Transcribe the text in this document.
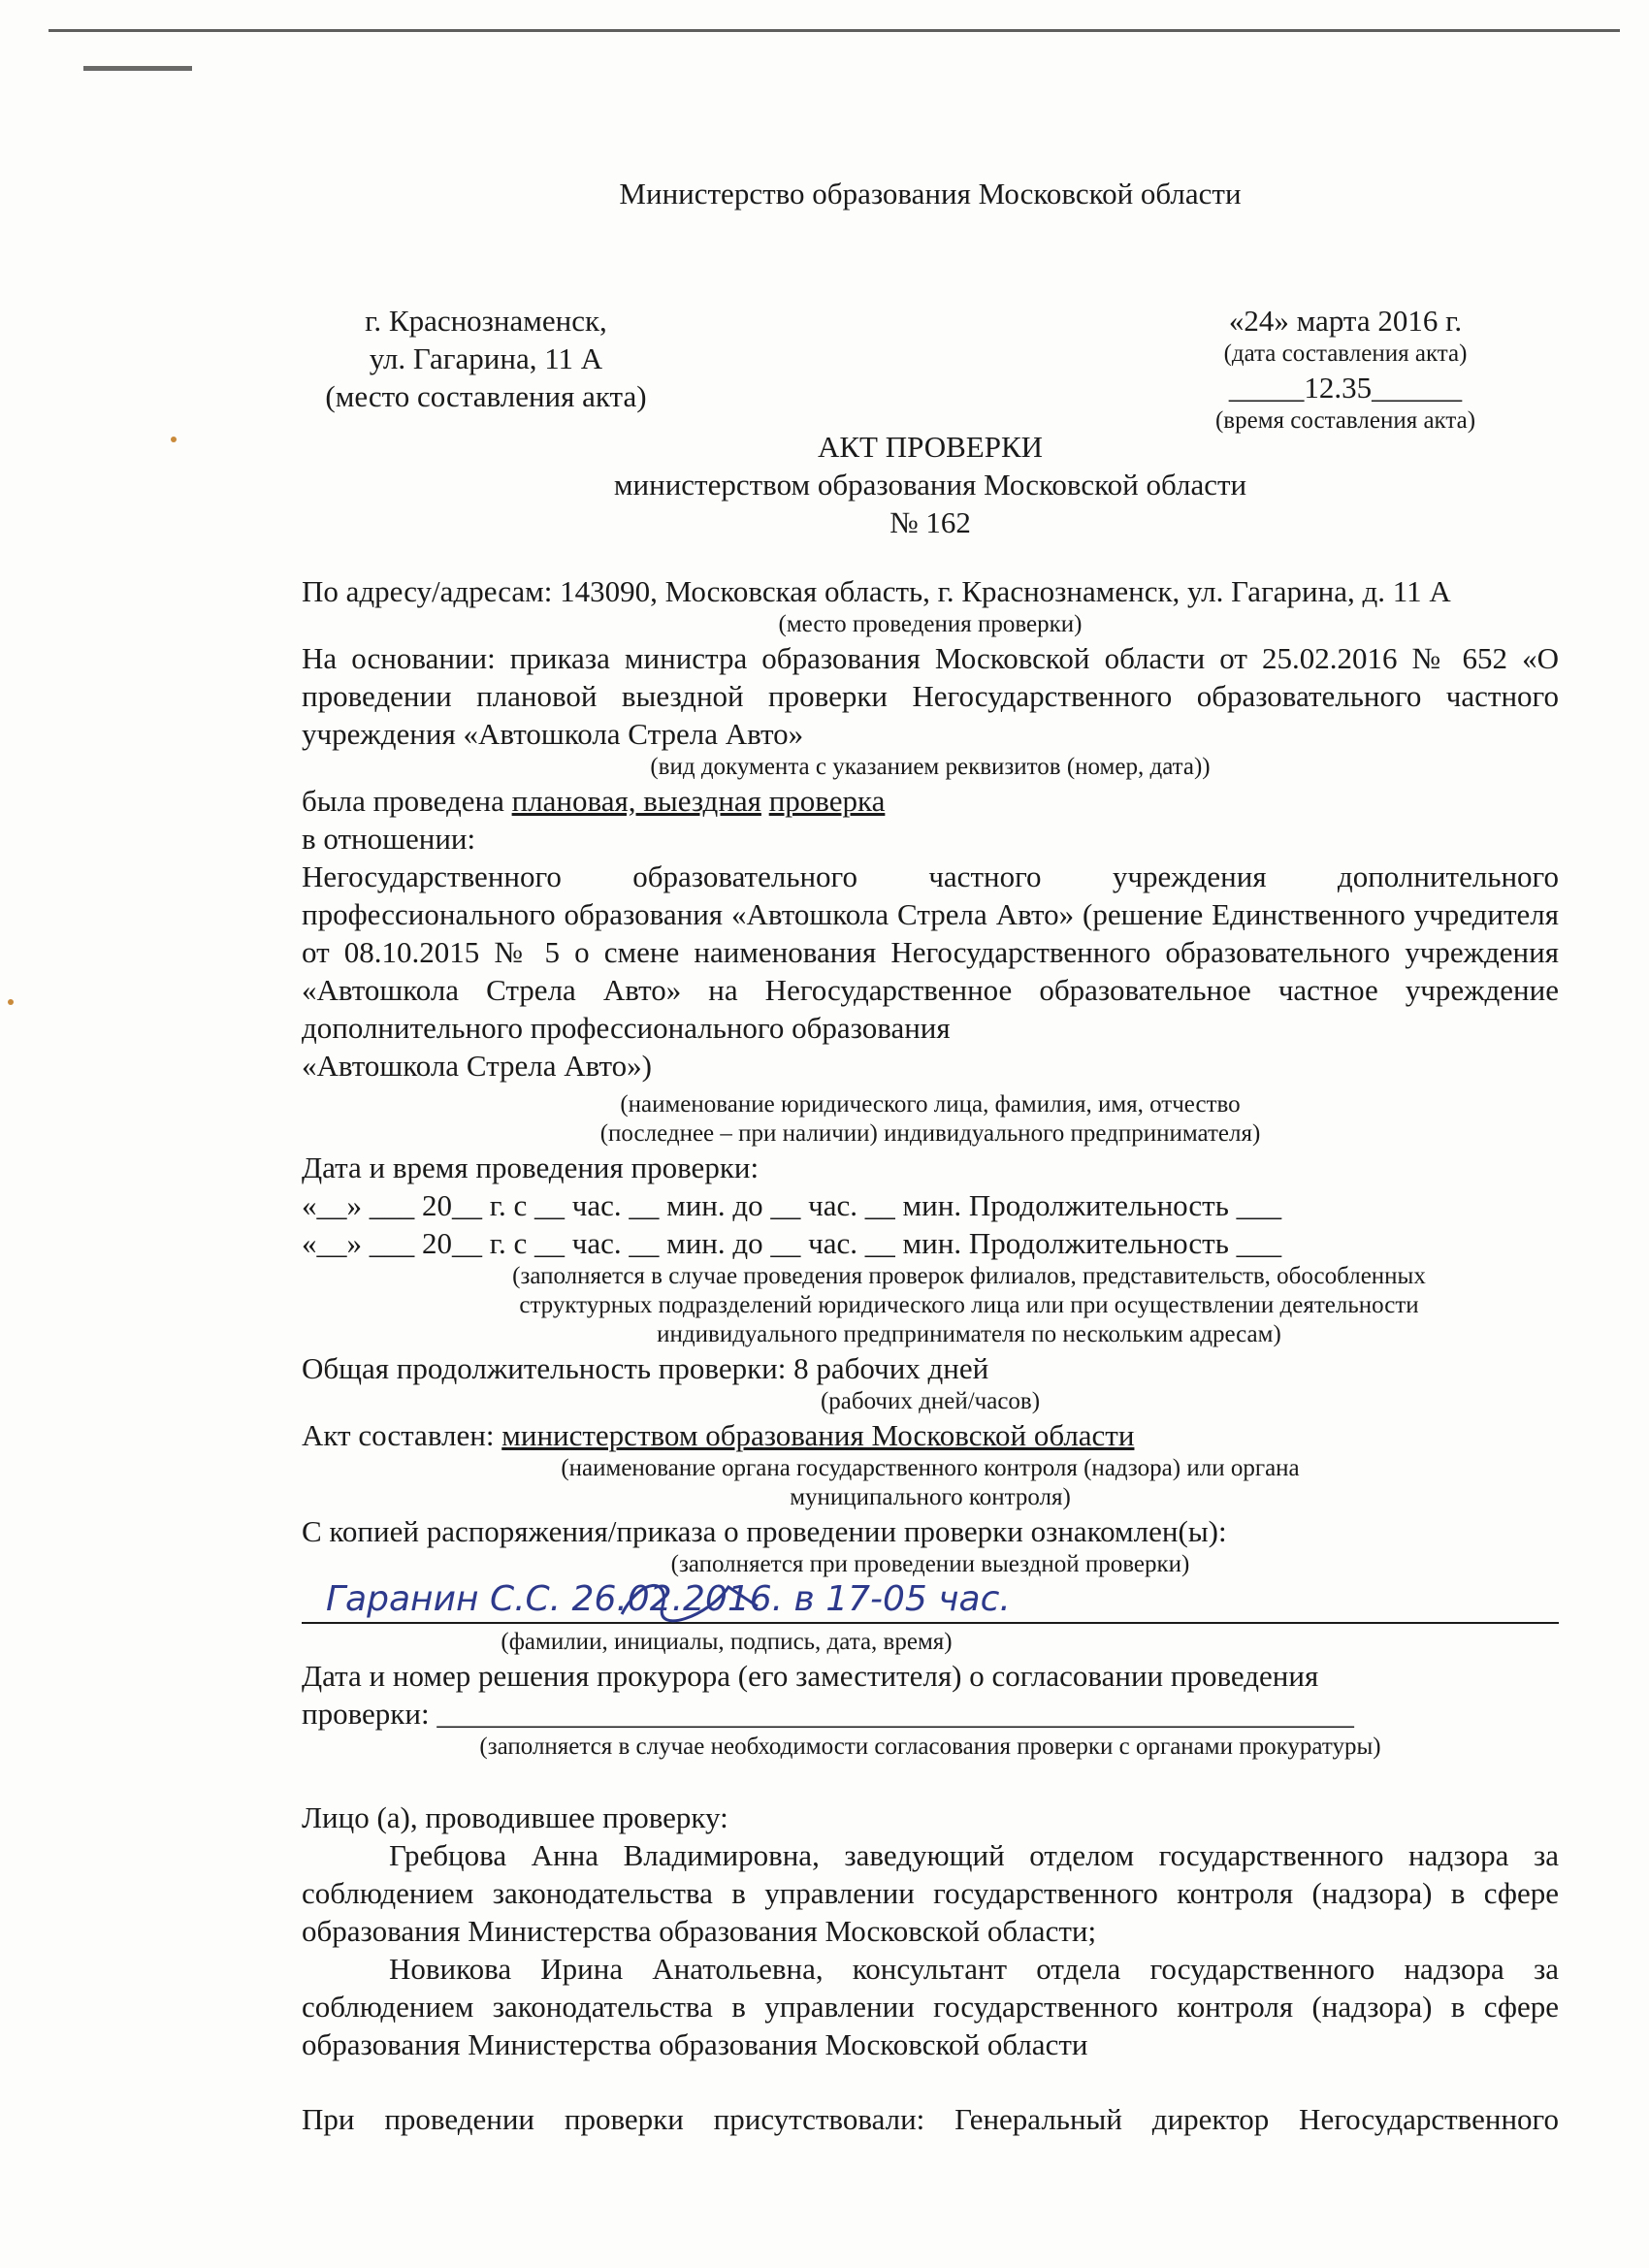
Министерство образования Московской области
г. Краснознаменск,
ул. Гагарина, 11 А
(место составления акта)
«24» марта 2016 г.
(дата составления акта)
_____12.35______
(время составления акта)
АКТ ПРОВЕРКИ
министерством образования Московской области
№ 162
По адресу/адресам: 143090, Московская область, г. Краснознаменск, ул. Гагарина, д. 11 А
(место проведения проверки)
На основании: приказа министра образования Московской области от 25.02.2016 № 652 «О проведении плановой выездной проверки Негосударственного образовательного частного учреждения «Автошкола Стрела Авто»
(вид документа с указанием реквизитов (номер, дата))
была проведена плановая, выездная проверка
в отношении:
Негосударственного образовательного частного учреждения дополнительного профессионального образования «Автошкола Стрела Авто» (решение Единственного учредителя от 08.10.2015 № 5 о смене наименования Негосударственного образовательного учреждения «Автошкола Стрела Авто» на Негосударственное образовательное частное учреждение дополнительного профессионального образования
«Автошкола Стрела Авто»)
(наименование юридического лица, фамилия, имя, отчество
(последнее – при наличии) индивидуального предпринимателя)
Дата и время проведения проверки:
«__» ___ 20__ г. с __ час. __ мин. до __ час. __ мин. Продолжительность ___
«__» ___ 20__ г. с __ час. __ мин. до __ час. __ мин. Продолжительность ___
(заполняется в случае проведения проверок филиалов, представительств, обособленных
структурных подразделений юридического лица или при осуществлении деятельности
индивидуального предпринимателя по нескольким адресам)
Общая продолжительность проверки: 8 рабочих дней
(рабочих дней/часов)
Акт составлен: министерством образования Московской области
(наименование органа государственного контроля (надзора) или органа
муниципального контроля)
С копией распоряжения/приказа о проведении проверки ознакомлен(ы):
(заполняется при проведении выездной проверки)
Гаранин С.С. 26.02.2016. в 17-05 час.
(фамилии, инициалы, подпись, дата, время)
Дата и номер решения прокурора (его заместителя) о согласовании проведения
проверки: _____________________________________________________________
(заполняется в случае необходимости согласования проверки с органами прокуратуры)
Лицо (а), проводившее проверку:
Гребцова Анна Владимировна, заведующий отделом государственного надзора за соблюдением законодательства в управлении государственного контроля (надзора) в сфере образования Министерства образования Московской области;
Новикова Ирина Анатольевна, консультант отдела государственного надзора за соблюдением законодательства в управлении государственного контроля (надзора) в сфере образования Министерства образования Московской области
При проведении проверки присутствовали: Генеральный директор Негосударственного
